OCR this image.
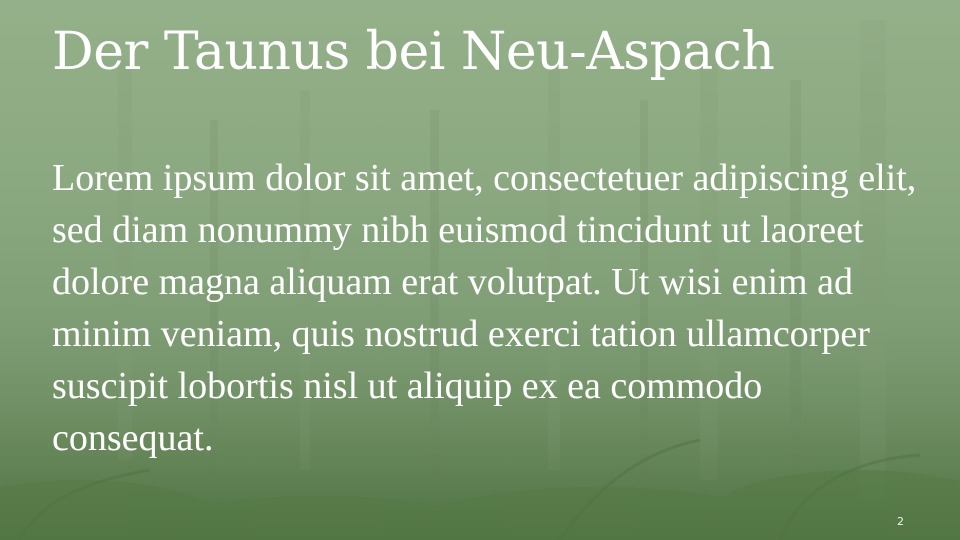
Der Taunus bei Neu-Aspach

Lorem ipsum dolor sit amet, consectetuer adipiscing elit, sed diam nonummy nibh euismod tincidunt ut laoreet dolore magna aliquam erat volutpat. Ut wisi enim ad minim veniam, quis nostrud exerci tation ullamcorper suscipit lobortis nisl ut aliquip ex ea commodo consequat.

2
